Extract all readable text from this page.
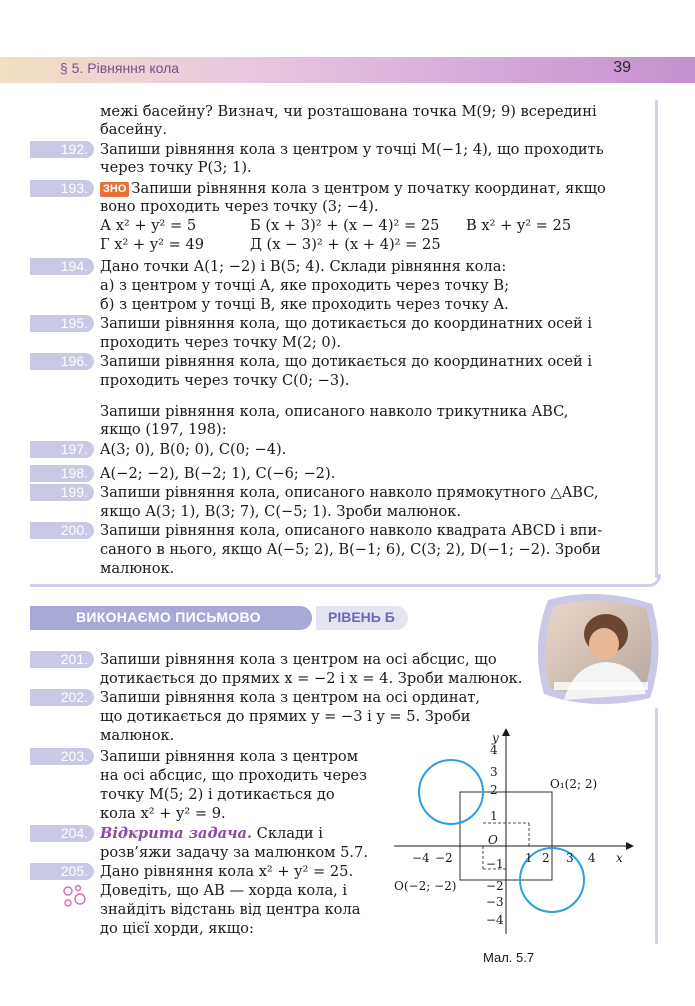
§ 5. Рівняння кола	39
межі басейну? Визнач, чи розташована точка M(9; 9) всередині
басейну.
192. Запиши рівняння кола з центром у точці M(−1; 4), що проходить
через точку P(3; 1).
193.	ЗНО Запиши рівняння кола з центром у початку координат, якщо
воно проходить через точку (3; −4).
А x² + y² = 5	Б (x + 3)² + (x − 4)² = 25 В x² + y² = 25
Г x² + y² = 49	Д (x − 3)² + (x + 4)² = 25
194. Дано точки A(1; −2) і B(5; 4). Склади рівняння кола:
а) з центром у точці A, яке проходить через точку B;
б) з центром у точці B, яке проходить через точку A.
195. Запиши рівняння кола, що дотикається до координатних осей і
проходить через точку M(2; 0).
196. Запиши рівняння кола, що дотикається до координатних осей і
проходить через точку C(0; −3).
Запиши рівняння кола, описаного навколо трикутника ABC,
якщо (197, 198):
197. A(3; 0), B(0; 0), C(0; −4).
198. A(−2; −2), B(−2; 1), C(−6; −2).
199. Запиши рівняння кола, описаного навколо прямокутного △ABC,
якщо A(3; 1), B(3; 7), C(−5; 1). Зроби малюнок.
200. Запиши рівняння кола, описаного навколо квадрата ABCD і впи-
саного в нього, якщо A(−5; 2), B(−1; 6), C(3; 2), D(−1; −2). Зроби
малюнок.
ВИКОНАЄМО ПИСЬМОВО	РІВЕНЬ Б
201. Запиши рівняння кола з центром на осі абсцис, що
дотикається до прямих x = −2 і x = 4. Зроби малюнок.
202. Запиши рівняння кола з центром на осі ординат,
що дотикається до прямих y = −3 і y = 5. Зроби
малюнок.
203. Запиши рівняння кола з центром
на осі абсцис, що проходить через
точку M(5; 2) і дотикається до
кола x² + y² = 9.
204. Відкрита задача. Склади і
розв’яжи задачу за малюнком 5.7.
205. Дано рівняння кола x² + y² = 25.
Доведіть, що AB — хорда кола, і
знайдіть відстань від центра кола
до цієї хорди, якщо:
−4 −2	1 2 3 4
4
3
2
1
−1
−2
−3
−4
O
x
y
O₁(2; 2)
O(−2; −2)
Мал. 5.7
